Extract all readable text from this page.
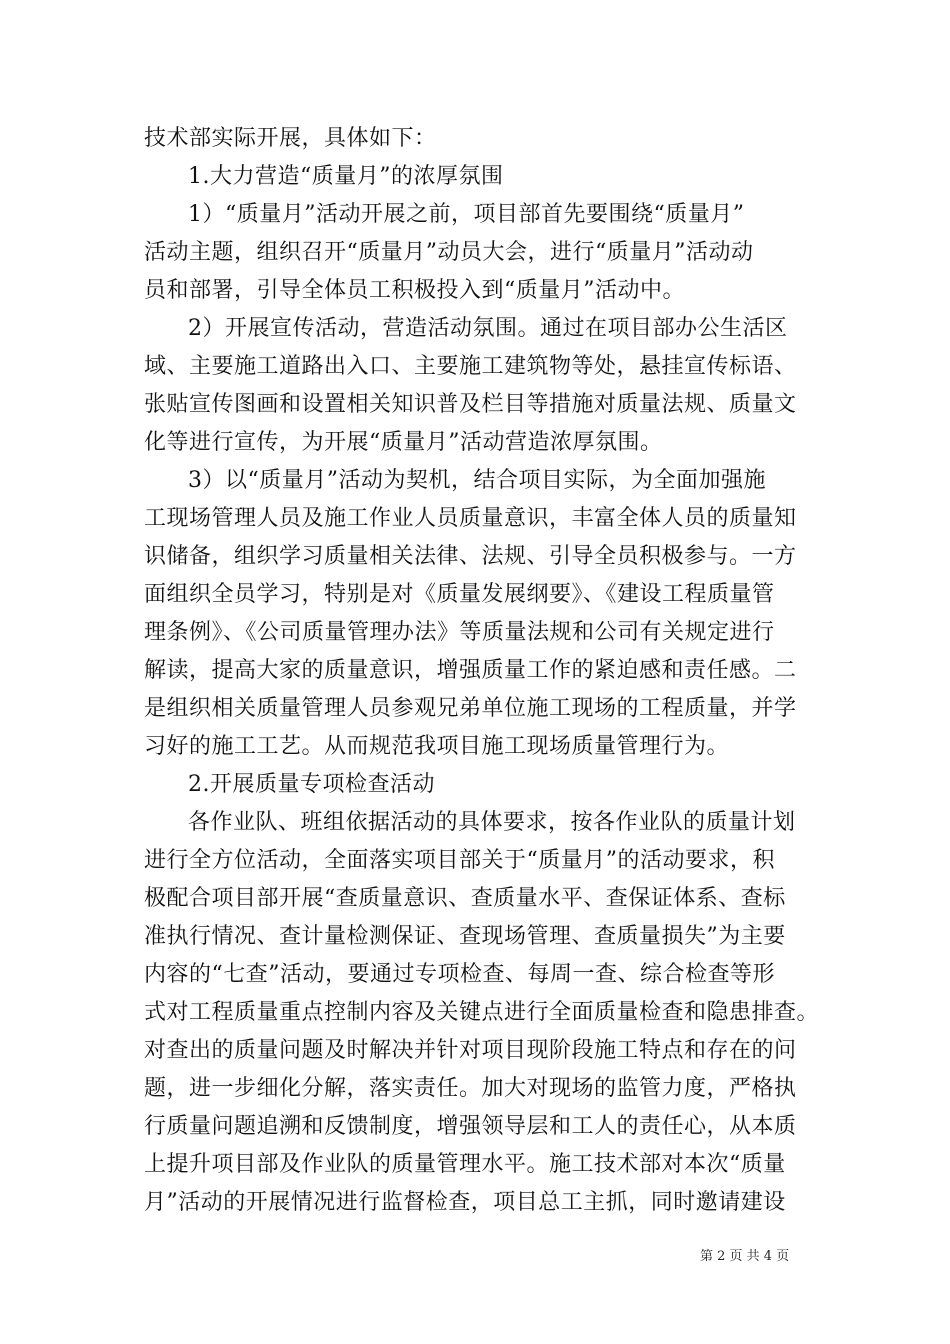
技术部实际开展，具体如下：
1.大力营造“质量月”的浓厚氛围
1）“质量月”活动开展之前，项目部首先要围绕“质量月”
活动主题，组织召开“质量月”动员大会，进行“质量月”活动动
员和部署，引导全体员工积极投入到“质量月”活动中。
2）开展宣传活动，营造活动氛围。通过在项目部办公生活区
域、主要施工道路出入口、主要施工建筑物等处，悬挂宣传标语、
张贴宣传图画和设置相关知识普及栏目等措施对质量法规、质量文
化等进行宣传，为开展“质量月”活动营造浓厚氛围。
3）以“质量月”活动为契机，结合项目实际，为全面加强施
工现场管理人员及施工作业人员质量意识，丰富全体人员的质量知
识储备，组织学习质量相关法律、法规、引导全员积极参与。一方
面组织全员学习，特别是对《质量发展纲要》、《建设工程质量管
理条例》、《公司质量管理办法》等质量法规和公司有关规定进行
解读，提高大家的质量意识，增强质量工作的紧迫感和责任感。二
是组织相关质量管理人员参观兄弟单位施工现场的工程质量，并学
习好的施工工艺。从而规范我项目施工现场质量管理行为。
2.开展质量专项检查活动
各作业队、班组依据活动的具体要求，按各作业队的质量计划
进行全方位活动，全面落实项目部关于“质量月”的活动要求，积
极配合项目部开展“查质量意识、查质量水平、查保证体系、查标
准执行情况、查计量检测保证、查现场管理、查质量损失”为主要
内容的“七查”活动，要通过专项检查、每周一查、综合检查等形
式对工程质量重点控制内容及关键点进行全面质量检查和隐患排查。
对查出的质量问题及时解决并针对项目现阶段施工特点和存在的问
题，进一步细化分解，落实责任。加大对现场的监管力度，严格执
行质量问题追溯和反馈制度，增强领导层和工人的责任心，从本质
上提升项目部及作业队的质量管理水平。施工技术部对本次“质量
月”活动的开展情况进行监督检查，项目总工主抓，同时邀请建设
第 2 页 共 4 页
